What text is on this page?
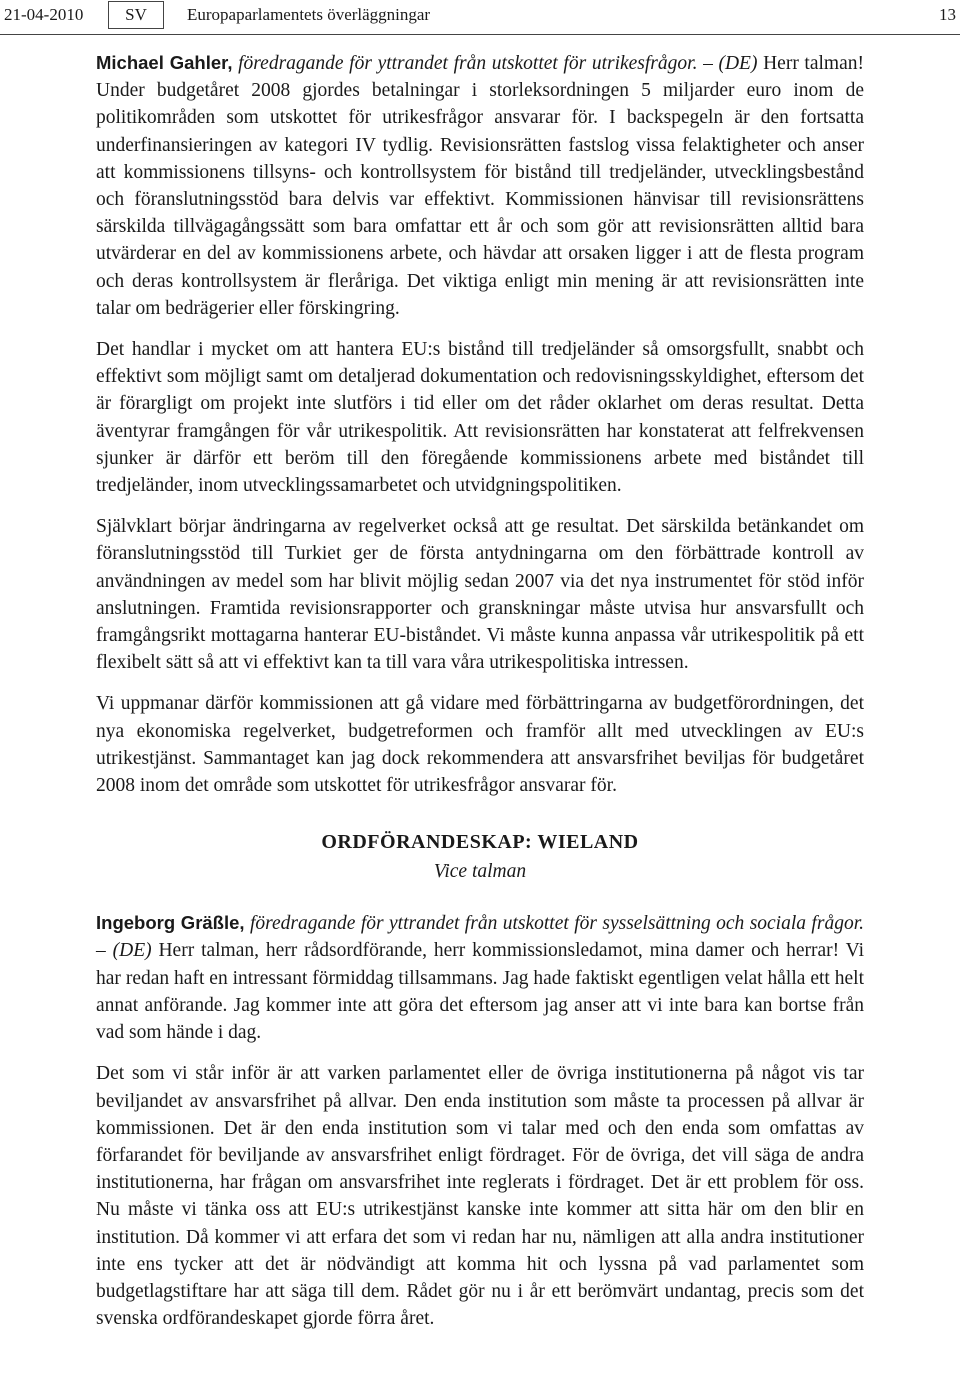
21-04-2010	SV	Europaparlamentets överläggningar	13

Michael Gahler, föredragande för yttrandet från utskottet för utrikesfrågor. – (DE) Herr talman! Under budgetåret 2008 gjordes betalningar i storleksordningen 5 miljarder euro inom de politikområden som utskottet för utrikesfrågor ansvarar för. I backspegeln är den fortsatta underfinansieringen av kategori IV tydlig. Revisionsrätten fastslog vissa felaktigheter och anser att kommissionens tillsyns- och kontrollsystem för bistånd till tredjeländer, utvecklingsbestånd och föranslutningsstöd bara delvis var effektivt. Kommissionen hänvisar till revisionsrättens särskilda tillvägagångssätt som bara omfattar ett år och som gör att revisionsrätten alltid bara utvärderar en del av kommissionens arbete, och hävdar att orsaken ligger i att de flesta program och deras kontrollsystem är fleråriga. Det viktiga enligt min mening är att revisionsrätten inte talar om bedrägerier eller förskingring.

Det handlar i mycket om att hantera EU:s bistånd till tredjeländer så omsorgsfullt, snabbt och effektivt som möjligt samt om detaljerad dokumentation och redovisningsskyldighet, eftersom det är förargligt om projekt inte slutförs i tid eller om det råder oklarhet om deras resultat. Detta äventyrar framgången för vår utrikespolitik. Att revisionsrätten har konstaterat att felfrekvensen sjunker är därför ett beröm till den föregående kommissionens arbete med biståndet till tredjeländer, inom utvecklingssamarbetet och utvidgningspolitiken.

Självklart börjar ändringarna av regelverket också att ge resultat. Det särskilda betänkandet om föranslutningsstöd till Turkiet ger de första antydningarna om den förbättrade kontroll av användningen av medel som har blivit möjlig sedan 2007 via det nya instrumentet för stöd inför anslutningen. Framtida revisionsrapporter och granskningar måste utvisa hur ansvarsfullt och framgångsrikt mottagarna hanterar EU-biståndet. Vi måste kunna anpassa vår utrikespolitik på ett flexibelt sätt så att vi effektivt kan ta till vara våra utrikespolitiska intressen.

Vi uppmanar därför kommissionen att gå vidare med förbättringarna av budgetförordningen, det nya ekonomiska regelverket, budgetreformen och framför allt med utvecklingen av EU:s utrikestjänst. Sammantaget kan jag dock rekommendera att ansvarsfrihet beviljas för budgetåret 2008 inom det område som utskottet för utrikesfrågor ansvarar för.

ORDFÖRANDESKAP: WIELAND
Vice talman

Ingeborg Gräßle, föredragande för yttrandet från utskottet för sysselsättning och sociala frågor. – (DE) Herr talman, herr rådsordförande, herr kommissionsledamot, mina damer och herrar! Vi har redan haft en intressant förmiddag tillsammans. Jag hade faktiskt egentligen velat hålla ett helt annat anförande. Jag kommer inte att göra det eftersom jag anser att vi inte bara kan bortse från vad som hände i dag.

Det som vi står inför är att varken parlamentet eller de övriga institutionerna på något vis tar beviljandet av ansvarsfrihet på allvar. Den enda institution som måste ta processen på allvar är kommissionen. Det är den enda institution som vi talar med och den enda som omfattas av förfarandet för beviljande av ansvarsfrihet enligt fördraget. För de övriga, det vill säga de andra institutionerna, har frågan om ansvarsfrihet inte reglerats i fördraget. Det är ett problem för oss. Nu måste vi tänka oss att EU:s utrikestjänst kanske inte kommer att sitta här om den blir en institution. Då kommer vi att erfara det som vi redan har nu, nämligen att alla andra institutioner inte ens tycker att det är nödvändigt att komma hit och lyssna på vad parlamentet som budgetlagstiftare har att säga till dem. Rådet gör nu i år ett berömvärt undantag, precis som det svenska ordförandeskapet gjorde förra året.
